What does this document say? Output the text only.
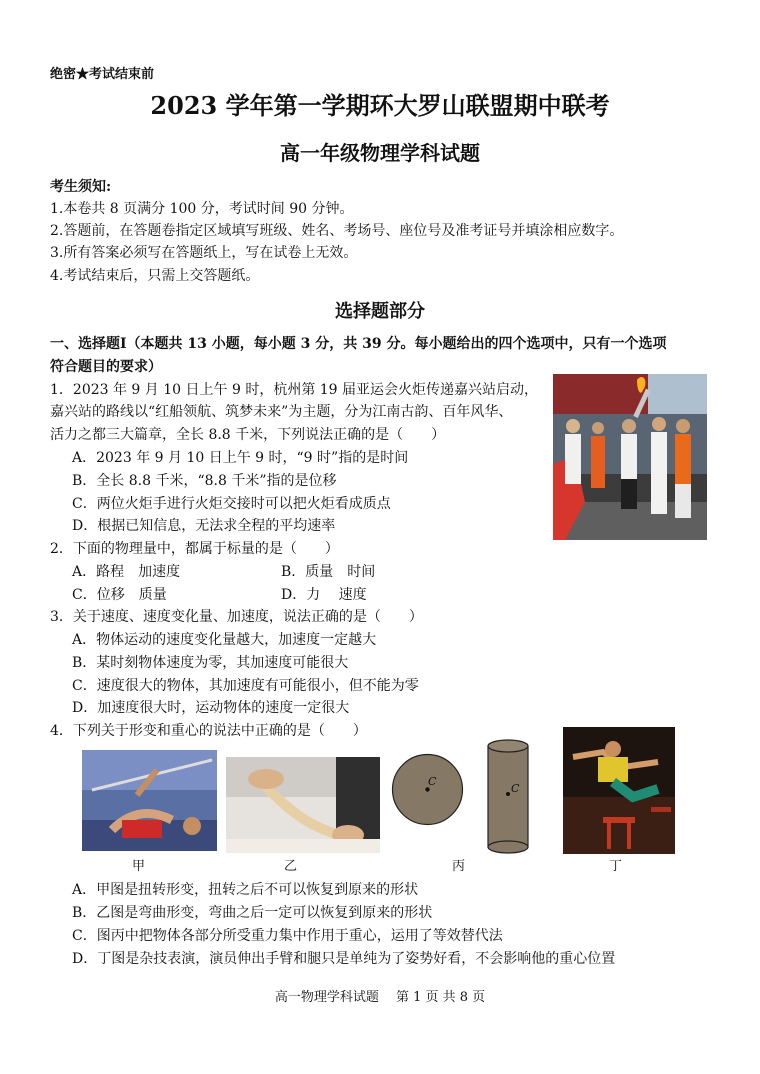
绝密★考试结束前
2023 学年第一学期环大罗山联盟期中联考
高一年级物理学科试题
考生须知:
1.本卷共 8 页满分 100 分，考试时间 90 分钟。
2.答题前，在答题卷指定区域填写班级、姓名、考场号、座位号及准考证号并填涂相应数字。
3.所有答案必须写在答题纸上，写在试卷上无效。
4.考试结束后，只需上交答题纸。
选择题部分
一、选择题Ⅰ（本题共 13 小题，每小题 3 分，共 39 分。每小题给出的四个选项中，只有一个选项
符合题目的要求）
1．2023 年 9 月 10 日上午 9 时，杭州第 19 届亚运会火炬传递嘉兴站启动，
嘉兴站的路线以“红船领航、筑梦未来”为主题，分为江南古韵、百年风华、
活力之都三大篇章，全长 8.8 千米，下列说法正确的是（　　）
A．2023 年 9 月 10 日上午 9 时，“9 时”指的是时间
B．全长 8.8 千米，“8.8 千米”指的是位移
C．两位火炬手进行火炬交接时可以把火炬看成质点
D．根据已知信息，无法求全程的平均速率
2．下面的物理量中，都属于标量的是（　　）
A．路程　加速度	B．质量　时间
C．位移　质量	D．力　 速度
3．关于速度、速度变化量、加速度，说法正确的是（　　）
A．物体运动的速度变化量越大，加速度一定越大
B．某时刻物体速度为零，其加速度可能很大
C．速度很大的物体，其加速度有可能很小，但不能为零
D．加速度很大时，运动物体的速度一定很大
4．下列关于形变和重心的说法中正确的是（　　）
甲	乙
C
C
丙	丁
A．甲图是扭转形变，扭转之后不可以恢复到原来的形状
B．乙图是弯曲形变，弯曲之后一定可以恢复到原来的形状
C．图丙中把物体各部分所受重力集中作用于重心，运用了等效替代法
D．丁图是杂技表演，演员伸出手臂和腿只是单纯为了姿势好看，不会影响他的重心位置
高一物理学科试题　 第 1 页 共 8 页
